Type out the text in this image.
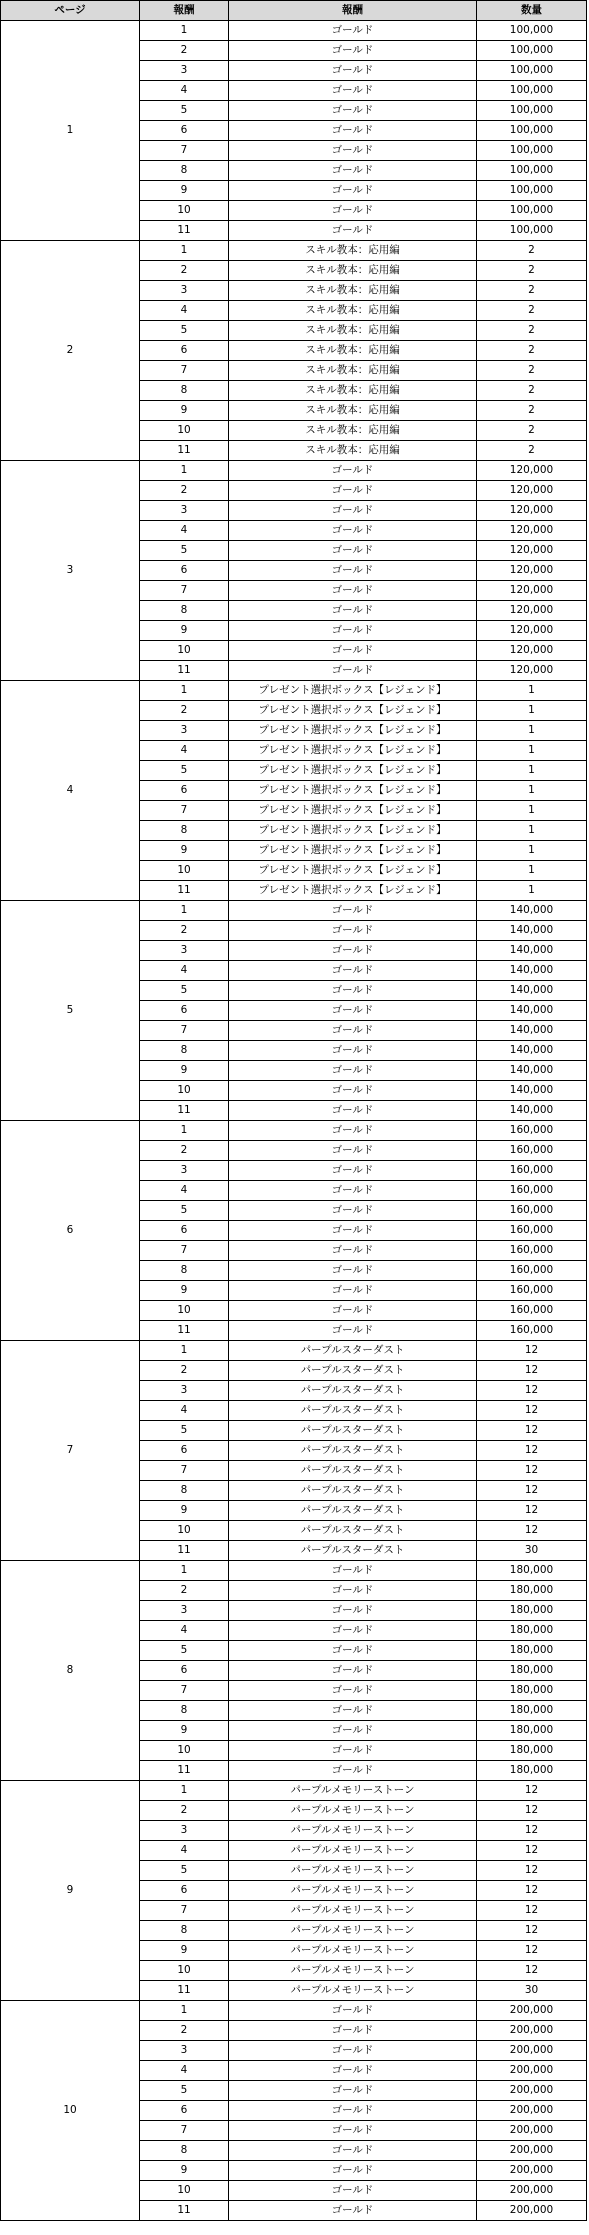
ページ	報酬	報酬	数量
1	1	ゴールド	100,000
	2	ゴールド	100,000
	3	ゴールド	100,000
	4	ゴールド	100,000
	5	ゴールド	100,000
	6	ゴールド	100,000
	7	ゴールド	100,000
	8	ゴールド	100,000
	9	ゴールド	100,000
	10	ゴールド	100,000
	11	ゴールド	100,000
2	1	スキル教本：応用編	2
	2	スキル教本：応用編	2
	3	スキル教本：応用編	2
	4	スキル教本：応用編	2
	5	スキル教本：応用編	2
	6	スキル教本：応用編	2
	7	スキル教本：応用編	2
	8	スキル教本：応用編	2
	9	スキル教本：応用編	2
	10	スキル教本：応用編	2
	11	スキル教本：応用編	2
3	1	ゴールド	120,000
	2	ゴールド	120,000
	3	ゴールド	120,000
	4	ゴールド	120,000
	5	ゴールド	120,000
	6	ゴールド	120,000
	7	ゴールド	120,000
	8	ゴールド	120,000
	9	ゴールド	120,000
	10	ゴールド	120,000
	11	ゴールド	120,000
4	1	プレゼント選択ボックス【レジェンド】	1
	2	プレゼント選択ボックス【レジェンド】	1
	3	プレゼント選択ボックス【レジェンド】	1
	4	プレゼント選択ボックス【レジェンド】	1
	5	プレゼント選択ボックス【レジェンド】	1
	6	プレゼント選択ボックス【レジェンド】	1
	7	プレゼント選択ボックス【レジェンド】	1
	8	プレゼント選択ボックス【レジェンド】	1
	9	プレゼント選択ボックス【レジェンド】	1
	10	プレゼント選択ボックス【レジェンド】	1
	11	プレゼント選択ボックス【レジェンド】	1
5	1	ゴールド	140,000
	2	ゴールド	140,000
	3	ゴールド	140,000
	4	ゴールド	140,000
	5	ゴールド	140,000
	6	ゴールド	140,000
	7	ゴールド	140,000
	8	ゴールド	140,000
	9	ゴールド	140,000
	10	ゴールド	140,000
	11	ゴールド	140,000
6	1	ゴールド	160,000
	2	ゴールド	160,000
	3	ゴールド	160,000
	4	ゴールド	160,000
	5	ゴールド	160,000
	6	ゴールド	160,000
	7	ゴールド	160,000
	8	ゴールド	160,000
	9	ゴールド	160,000
	10	ゴールド	160,000
	11	ゴールド	160,000
7	1	パープルスターダスト	12
	2	パープルスターダスト	12
	3	パープルスターダスト	12
	4	パープルスターダスト	12
	5	パープルスターダスト	12
	6	パープルスターダスト	12
	7	パープルスターダスト	12
	8	パープルスターダスト	12
	9	パープルスターダスト	12
	10	パープルスターダスト	12
	11	パープルスターダスト	30
8	1	ゴールド	180,000
	2	ゴールド	180,000
	3	ゴールド	180,000
	4	ゴールド	180,000
	5	ゴールド	180,000
	6	ゴールド	180,000
	7	ゴールド	180,000
	8	ゴールド	180,000
	9	ゴールド	180,000
	10	ゴールド	180,000
	11	ゴールド	180,000
9	1	パープルメモリーストーン	12
	2	パープルメモリーストーン	12
	3	パープルメモリーストーン	12
	4	パープルメモリーストーン	12
	5	パープルメモリーストーン	12
	6	パープルメモリーストーン	12
	7	パープルメモリーストーン	12
	8	パープルメモリーストーン	12
	9	パープルメモリーストーン	12
	10	パープルメモリーストーン	12
	11	パープルメモリーストーン	30
10	1	ゴールド	200,000
	2	ゴールド	200,000
	3	ゴールド	200,000
	4	ゴールド	200,000
	5	ゴールド	200,000
	6	ゴールド	200,000
	7	ゴールド	200,000
	8	ゴールド	200,000
	9	ゴールド	200,000
	10	ゴールド	200,000
	11	ゴールド	200,000
